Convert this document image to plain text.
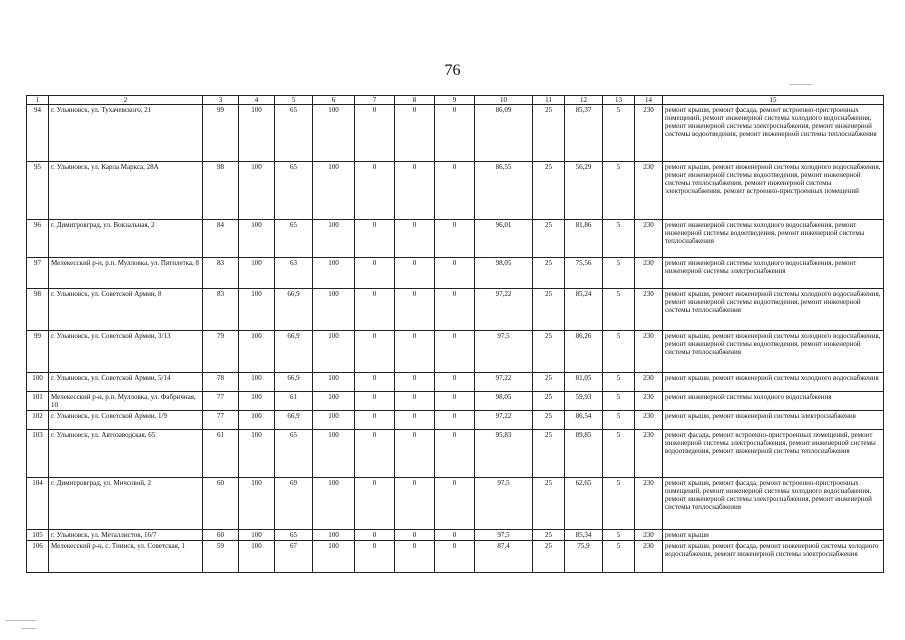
76
1	2	3	4	5	6	7	8	9	10	11	12	13	14	15
94	г. Ульяновск, ул. Тухачевского, 21	99	100	65	100	0	0	0	86,09	25	85,37	5	230	ремонт крыши, ремонт фасада, ремонт встроенно-пристроенных помещений, ремонт инженерной системы холодного водоснабжения, ремонт инженерной системы электроснабжения, ремонт инженерной системы водоотведения, ремонт инженерной системы теплоснабжения
95	г. Ульяновск, ул. Карла Маркса, 28А	98	100	65	100	0	0	0	86,55	25	56,29	5	230	ремонт крыши, ремонт инженерной системы холодного водоснабжения, ремонт инженерной системы водоотведения, ремонт инженерной системы теплоснабжения, ремонт инженерной системы электроснабжения, ремонт встроенно-пристроенных помещений
96	г. Димитровград, ул. Вокзальная, 2	84	100	65	100	0	0	0	96,01	25	81,86	5	230	ремонт инженерной системы холодного водоснабжения, ремонт инженерной системы водоотведения, ремонт инженерной системы теплоснабжения
97	Мелекесский р-н, р.п. Мулловка, ул. Пятилетка, 8	83	100	63	100	0	0	0	98,05	25	75,56	5	230	ремонт инженерной системы холодного водоснабжения, ремонт инженерной системы электроснабжения
98	г. Ульяновск, ул. Советской Армии, 8	83	100	66,9	100	0	0	0	97,22	25	85,24	5	230	ремонт крыши, ремонт инженерной системы холодного водоснабжения, ремонт инженерной системы водоотведения, ремонт инженерной системы теплоснабжения
99	г. Ульяновск, ул. Советской Армии, 3/13	79	100	66,9	100	0	0	0	97,5	25	86,26	5	230	ремонт крыши, ремонт инженерной системы холодного водоснабжения, ремонт инженерной системы водоотведения, ремонт инженерной системы теплоснабжения
100	г. Ульяновск, ул. Советской Армии, 5/14	78	100	66,9	100	0	0	0	97,22	25	81,05	5	230	ремонт крыши, ремонт инженерной системы холодного водоснабжения
101	Мелекесский р-н, р.п. Мулловка, ул. Фабричная, 10	77	100	61	100	0	0	0	98,05	25	59,93	5	230	ремонт инженерной системы холодного водоснабжения
102	г. Ульяновск, ул. Советской Армии, 1/9	77	100	66,9	100	0	0	0	97,22	25	86,54	5	230	ремонт крыши, ремонт инженерной системы электроснабжения
103	г. Ульяновск, ул. Автозаводская, 65	61	100	65	100	0	0	0	95,83	25	89,85	5	230	ремонт фасада, ремонт встроенно-пристроенных помещений, ремонт инженерной системы электроснабжения, ремонт инженерной системы водоотведения, ремонт инженерной системы теплоснабжения
104	г. Димитровград, ул. Мичсовой, 2	60	100	69	100	0	0	0	97,5	25	62,65	5	230	ремонт крыши, ремонт фасада, ремонт встроенно-пристроенных помещений, ремонт инженерной системы холодного водоснабжения, ремонт инженерной системы электроснабжения, ремонт инженерной системы теплоснабжения
105	г. Ульяновск, ул. Металлистов, 16/7	60	100	65	100	0	0	0	97,5	25	85,34	5	230	ремонт крыши
106	Мелекесский р-н, с. Тиинск, ул. Советская, 1	59	100	67	100	0	0	0	87,4	25	75,9	5	230	ремонт крыши, ремонт фасада, ремонт инженерной системы холодного водоснабжения, ремонт инженерной системы электроснабжения
